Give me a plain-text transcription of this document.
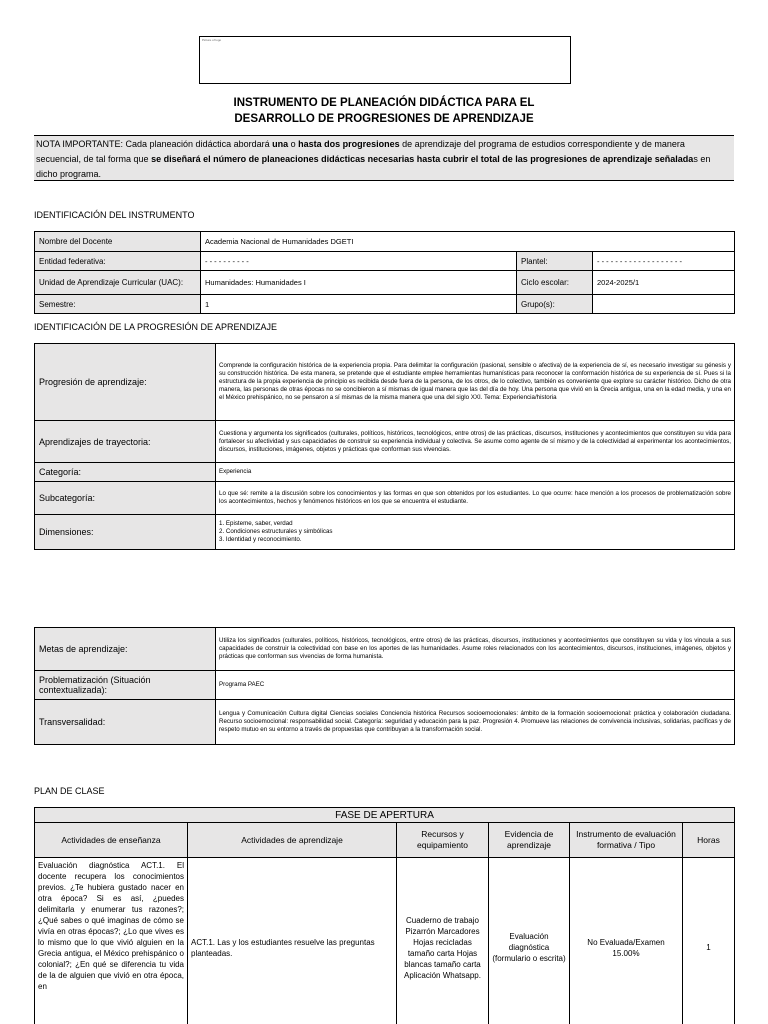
Picture of logo
INSTRUMENTO DE PLANEACIÓN DIDÁCTICA PARA EL
DESARROLLO DE PROGRESIONES DE APRENDIZAJE
NOTA IMPORTANTE: Cada planeación didáctica abordará una o hasta dos progresiones de aprendizaje del programa de estudios correspondiente y de manera secuencial, de tal forma que se diseñará el número de planeaciones didácticas necesarias hasta cubrir el total de las progresiones de aprendizaje señaladas en dicho programa.
IDENTIFICACIÓN DEL INSTRUMENTO
Nombre del Docente	Academia Nacional de Humanidades DGETI		
Entidad federativa:	- - - - - - - - - -	Plantel:	- - - - - - - - - - - - - - - - - - -
Unidad de Aprendizaje Curricular (UAC):	Humanidades: Humanidades I	Ciclo escolar:	2024-2025/1
Semestre:	1	Grupo(s):	
IDENTIFICACIÓN DE LA PROGRESIÓN DE APRENDIZAJE
Progresión de aprendizaje:	Comprende la configuración histórica de la experiencia propia. Para delimitar la configuración (pasional, sensible o afectiva) de la experiencia de sí, es necesario investigar su génesis y su construcción histórica. De esta manera, se pretende que el estudiante emplee herramientas humanísticas para reconocer la conformación histórica de su experiencia de sí. Pues si la estructura de la propia experiencia de principio es recibida desde fuera de la persona, de los otros, de lo colectivo, también es conveniente que explore su carácter histórico. Dicho de otra manera, las personas de otras épocas no se concibieron a sí mismas de igual manera que las del día de hoy. Una persona que vivió en la Grecia antigua, una en la edad media, y una en el México prehispánico, no se pensaron a sí mismas de la misma manera que una del siglo XXI. Tema: Experiencia/historia
Aprendizajes de trayectoria:	Cuestiona y argumenta los significados (culturales, políticos, históricos, tecnológicos, entre otros) de las prácticas, discursos, instituciones y acontecimientos que constituyen su vida para fortalecer su afectividad y sus capacidades de construir su experiencia individual y colectiva. Se asume como agente de sí mismo y de la colectividad al experimentar los acontecimientos, discursos, instituciones, imágenes, objetos y prácticas que conforman sus vivencias.
Categoría:	Experiencia
Subcategoría:	Lo que sé: remite a la discusión sobre los conocimientos y las formas en que son obtenidos por los estudiantes. Lo que ocurre: hace mención a los procesos de problematización sobre los acontecimientos, hechos y fenómenos históricos en los que se encuentra el estudiante.
Dimensiones:	1. Episteme, saber, verdad
2. Condiciones estructurales y simbólicas
3. Identidad y reconocimiento.
Metas de aprendizaje:	Utiliza los significados (culturales, políticos, históricos, tecnológicos, entre otros) de las prácticas, discursos, instituciones y acontecimientos que constituyen su vida y los vincula a sus capacidades de construir la colectividad con base en los aportes de las humanidades. Asume roles relacionados con los acontecimientos, discursos, instituciones, imágenes, objetos y prácticas que conforman sus vivencias de forma humanista.
Problematización (Situación contextualizada):	Programa PAEC
Transversalidad:	Lengua y Comunicación Cultura digital Ciencias sociales Conciencia histórica Recursos socioemocionales: ámbito de la formación socioemocional: práctica y colaboración ciudadana. Recurso socioemocional: responsabilidad social. Categoría: seguridad y educación para la paz. Progresión 4. Promueve las relaciones de convivencia inclusivas, solidarias, pacíficas y de respeto mutuo en su entorno a través de propuestas que contribuyan a la transformación social.
PLAN DE CLASE
FASE DE APERTURA					
Actividades de enseñanza	Actividades de aprendizaje	Recursos y equipamiento	Evidencia de aprendizaje	Instrumento de evaluación formativa / Tipo	Horas
Evaluación diagnóstica ACT.1. El docente recupera los conocimientos previos. ¿Te hubiera gustado nacer en otra época? Si es así, ¿puedes delimitarla y enumerar tus razones?; ¿Qué sabes o qué imaginas de cómo se vivía en otras épocas?; ¿Lo que vives es lo mismo que lo que vivió alguien en la Grecia antigua, el México prehispánico o colonial?; ¿En qué se diferencia tu vida de la de alguien que vivió en otra época, en	ACT.1. Las y los estudiantes resuelve las preguntas planteadas.	Cuaderno de trabajo Pizarrón Marcadores Hojas recicladas tamaño carta Hojas blancas tamaño carta Aplicación Whatsapp.	Evaluación diagnóstica (formulario o escrita)	No Evaluada/Examen 15.00%	1
